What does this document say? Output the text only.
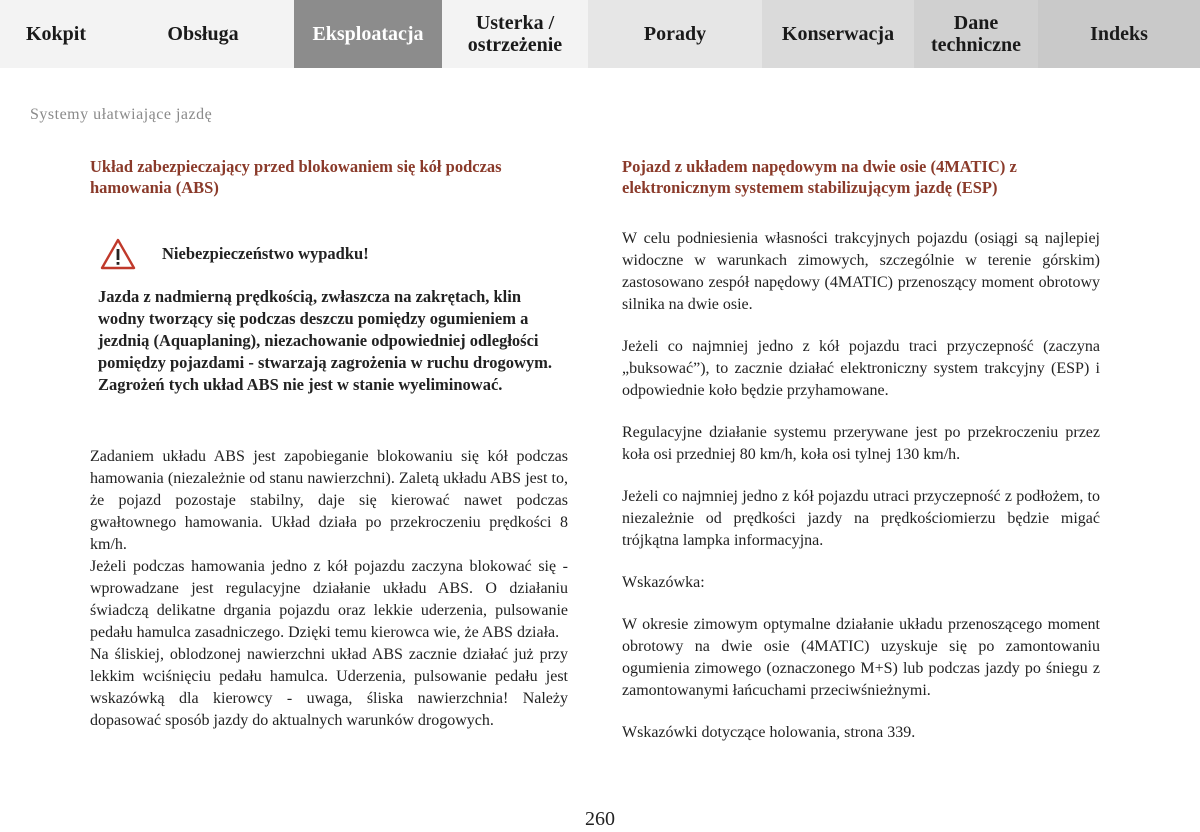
Kokpit	Obsługa	Eksploatacja	Usterka / ostrzeżenie	Porady	Konserwacja	Dane techniczne	Indeks
Systemy ułatwiające jazdę
Układ zabezpieczający przed blokowaniem się kół podczas hamowania (ABS)
Niebezpieczeństwo wypadku!

Jazda z nadmierną prędkością, zwłaszcza na zakrętach, klin wodny tworzący się podczas deszczu pomiędzy ogumieniem a jezdnią (Aquaplaning), niezachowanie odpowiedniej odległości pomiędzy pojazdami - stwarzają zagrożenia w ruchu drogowym. Zagrożeń tych układ ABS nie jest w stanie wyeliminować.

Zadaniem układu ABS jest zapobieganie blokowaniu się kół podczas hamowania (niezależnie od stanu nawierzchni). Zaletą układu ABS jest to, że pojazd pozostaje stabilny, daje się kierować nawet podczas gwałtownego hamowania. Układ działa po przekroczeniu prędkości 8 km/h.

Jeżeli podczas hamowania jedno z kół pojazdu zaczyna blokować się - wprowadzane jest regulacyjne działanie układu ABS. O działaniu świadczą delikatne drgania pojazdu oraz lekkie uderzenia, pulsowanie pedału hamulca zasadniczego. Dzięki temu kierowca wie, że ABS działa.

Na śliskiej, oblodzonej nawierzchni układ ABS zacznie działać już przy lekkim wciśnięciu pedału hamulca. Uderzenia, pulsowanie pedału jest wskazówką dla kierowcy - uwaga, śliska nawierzchnia! Należy dopasować sposób jazdy do aktualnych warunków drogowych.

Pojazd z układem napędowym na dwie osie (4MATIC) z elektronicznym systemem stabilizującym jazdę (ESP)

W celu podniesienia własności trakcyjnych pojazdu (osiągi są najlepiej widoczne w warunkach zimowych, szczególnie w terenie górskim) zastosowano zespół napędowy (4MATIC) przenoszący moment obrotowy silnika na dwie osie.

Jeżeli co najmniej jedno z kół pojazdu traci przyczepność (zaczyna „buksować”), to zacznie działać elektroniczny system trakcyjny (ESP) i odpowiednie koło będzie przyhamowane.

Regulacyjne działanie systemu przerywane jest po przekroczeniu przez koła osi przedniej 80 km/h, koła osi tylnej 130 km/h.

Jeżeli co najmniej jedno z kół pojazdu utraci przyczepność z podłożem, to niezależnie od prędkości jazdy na prędkościomierzu będzie migać trójkątna lampka informacyjna.

Wskazówka:

W okresie zimowym optymalne działanie układu przenoszącego moment obrotowy na dwie osie (4MATIC) uzyskuje się po zamontowaniu ogumienia zimowego (oznaczonego M+S) lub podczas jazdy po śniegu z zamontowanymi łańcuchami przeciwśnieżnymi.

Wskazówki dotyczące holowania, strona 339.

260
